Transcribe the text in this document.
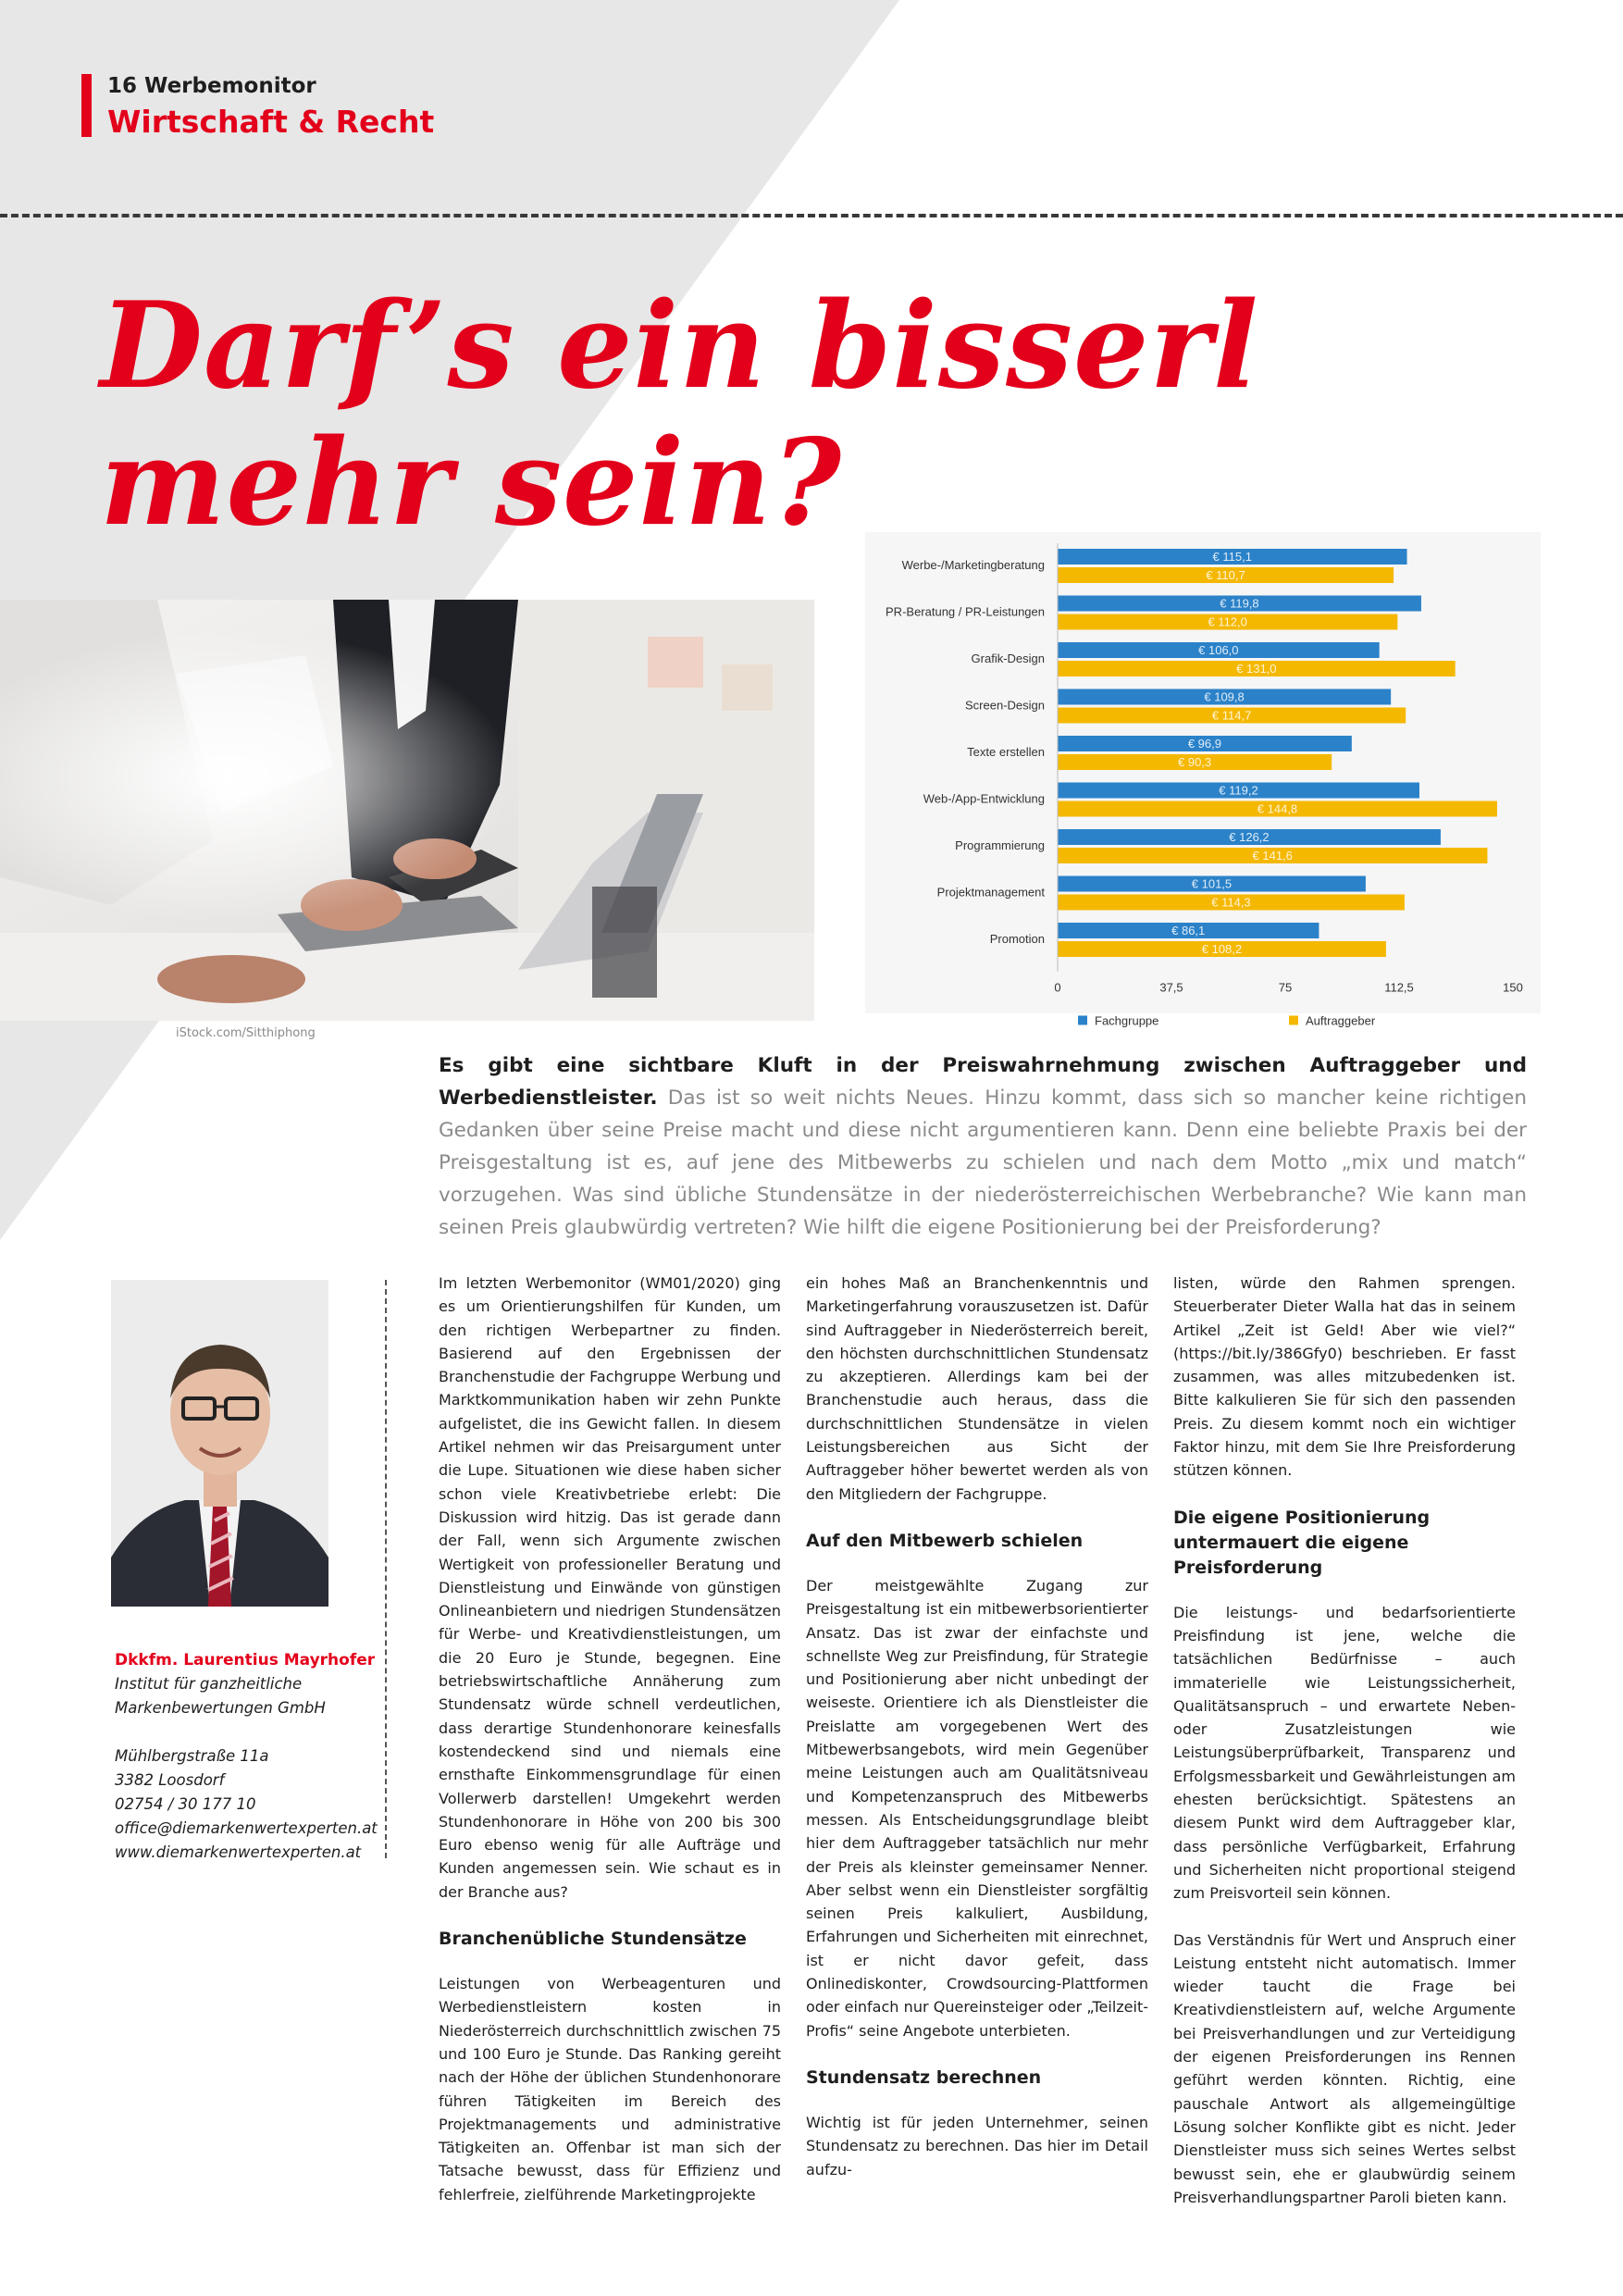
16 Werbemonitor
Wirtschaft & Recht
Darf’s ein bisserl
mehr sein?
iStock.com/Sitthiphong
Werbe-/Marketingberatung
€ 115,1
€ 110,7
PR-Beratung / PR-Leistungen
€ 119,8
€ 112,0
Grafik-Design
€ 106,0
€ 131,0
Screen-Design
€ 109,8
€ 114,7
Texte erstellen
€ 96,9
€ 90,3
Web-/App-Entwicklung
€ 119,2
€ 144,8
Programmierung
€ 126,2
€ 141,6
Projektmanagement
€ 101,5
€ 114,3
Promotion
€ 86,1
€ 108,2
0	37,5	75	112,5	150
Fachgruppe	Auftraggeber

Es gibt eine sichtbare Kluft in der Preiswahrnehmung zwischen Auftraggeber und Werbedienstleister. Das ist so weit nichts Neues. Hinzu kommt, dass sich so mancher keine richtigen Gedanken über seine Preise macht und diese nicht argumentieren kann. Denn eine beliebte Praxis bei der Preisgestaltung ist es, auf jene des Mitbewerbs zu schielen und nach dem Motto „mix und match“ vorzugehen. Was sind übliche Stundensätze in der niederösterreichischen Werbebranche? Wie kann man seinen Preis glaubwürdig vertreten? Wie hilft die eigene Positionierung bei der Preisforderung?

Dkkfm. Laurentius Mayrhofer
Institut für ganzheitliche Markenbewertungen GmbH
Mühlbergstraße 11a
3382 Loosdorf
02754 / 30 177 10
office@diemarkenwertexperten.at
www.diemarkenwertexperten.at

Im letzten Werbemonitor (WM01/2020) ging es um Orientierungshilfen für Kunden, um den richtigen Werbepartner zu finden. Basierend auf den Ergebnissen der Branchenstudie der Fachgruppe Werbung und Marktkommunikation haben wir zehn Punkte aufgelistet, die ins Gewicht fallen. In diesem Artikel nehmen wir das Preisargument unter die Lupe. Situationen wie diese haben sicher schon viele Kreativbetriebe erlebt: Die Diskussion wird hitzig. Das ist gerade dann der Fall, wenn sich Argumente zwischen Wertigkeit von professioneller Beratung und Dienstleistung und Einwände von günstigen Onlineanbietern und niedrigen Stundensätzen für Werbe- und Kreativdienstleistungen, um die 20 Euro je Stunde, begegnen. Eine betriebswirtschaftliche Annäherung zum Stundensatz würde schnell verdeutlichen, dass derartige Stundenhonorare keinesfalls kostendeckend sind und niemals eine ernsthafte Einkommensgrundlage für einen Vollerwerb darstellen! Umgekehrt werden Stundenhonorare in Höhe von 200 bis 300 Euro ebenso wenig für alle Aufträge und Kunden angemessen sein. Wie schaut es in der Branche aus?

Branchenübliche Stundensätze

Leistungen von Werbeagenturen und Werbedienstleistern kosten in Niederösterreich durchschnittlich zwischen 75 und 100 Euro je Stunde. Das Ranking gereiht nach der Höhe der üblichen Stundenhonorare führen Tätigkeiten im Bereich des Projektmanagements und administrative Tätigkeiten an. Offenbar ist man sich der Tatsache bewusst, dass für Effizienz und fehlerfreie, zielführende Marketingprojekte

ein hohes Maß an Branchenkenntnis und Marketingerfahrung vorauszusetzen ist. Dafür sind Auftraggeber in Niederösterreich bereit, den höchsten durchschnittlichen Stundensatz zu akzeptieren. Allerdings kam bei der Branchenstudie auch heraus, dass die durchschnittlichen Stundensätze in vielen Leistungsbereichen aus Sicht der Auftraggeber höher bewertet werden als von den Mitgliedern der Fachgruppe.

Auf den Mitbewerb schielen

Der meistgewählte Zugang zur Preisgestaltung ist ein mitbewerbsorientierter Ansatz. Das ist zwar der einfachste und schnellste Weg zur Preisfindung, für Strategie und Positionierung aber nicht unbedingt der weiseste. Orientiere ich als Dienstleister die Preislatte am vorgegebenen Wert des Mitbewerbsangebots, wird mein Gegenüber meine Leistungen auch am Qualitätsniveau und Kompetenzanspruch des Mitbewerbs messen. Als Entscheidungsgrundlage bleibt hier dem Auftraggeber tatsächlich nur mehr der Preis als kleinster gemeinsamer Nenner. Aber selbst wenn ein Dienstleister sorgfältig seinen Preis kalkuliert, Ausbildung, Erfahrungen und Sicherheiten mit einrechnet, ist er nicht davor gefeit, dass Onlinediskonter, Crowdsourcing-Plattformen oder einfach nur Quereinsteiger oder „Teilzeit-Profis“ seine Angebote unterbieten.

Stundensatz berechnen

Wichtig ist für jeden Unternehmer, seinen Stundensatz zu berechnen. Das hier im Detail aufzu-

listen, würde den Rahmen sprengen. Steuerberater Dieter Walla hat das in seinem Artikel „Zeit ist Geld! Aber wie viel?“ (https://bit.ly/386Gfy0) beschrieben. Er fasst zusammen, was alles mitzubedenken ist. Bitte kalkulieren Sie für sich den passenden Preis. Zu diesem kommt noch ein wichtiger Faktor hinzu, mit dem Sie Ihre Preisforderung stützen können.

Die eigene Positionierung untermauert die eigene Preisforderung

Die leistungs- und bedarfsorientierte Preisfindung ist jene, welche die tatsächlichen Bedürfnisse – auch immaterielle wie Leistungssicherheit, Qualitätsanspruch – und erwartete Neben- oder Zusatzleistungen wie Leistungsüberprüfbarkeit, Transparenz und Erfolgsmessbarkeit und Gewährleistungen am ehesten berücksichtigt. Spätestens an diesem Punkt wird dem Auftraggeber klar, dass persönliche Verfügbarkeit, Erfahrung und Sicherheiten nicht proportional steigend zum Preisvorteil sein können.

Das Verständnis für Wert und Anspruch einer Leistung entsteht nicht automatisch. Immer wieder taucht die Frage bei Kreativdienstleistern auf, welche Argumente bei Preisverhandlungen und zur Verteidigung der eigenen Preisforderungen ins Rennen geführt werden könnten. Richtig, eine pauschale Antwort als allgemeingültige Lösung solcher Konflikte gibt es nicht. Jeder Dienstleister muss sich seines Wertes selbst bewusst sein, ehe er glaubwürdig seinem Preisverhandlungspartner Paroli bieten kann.
